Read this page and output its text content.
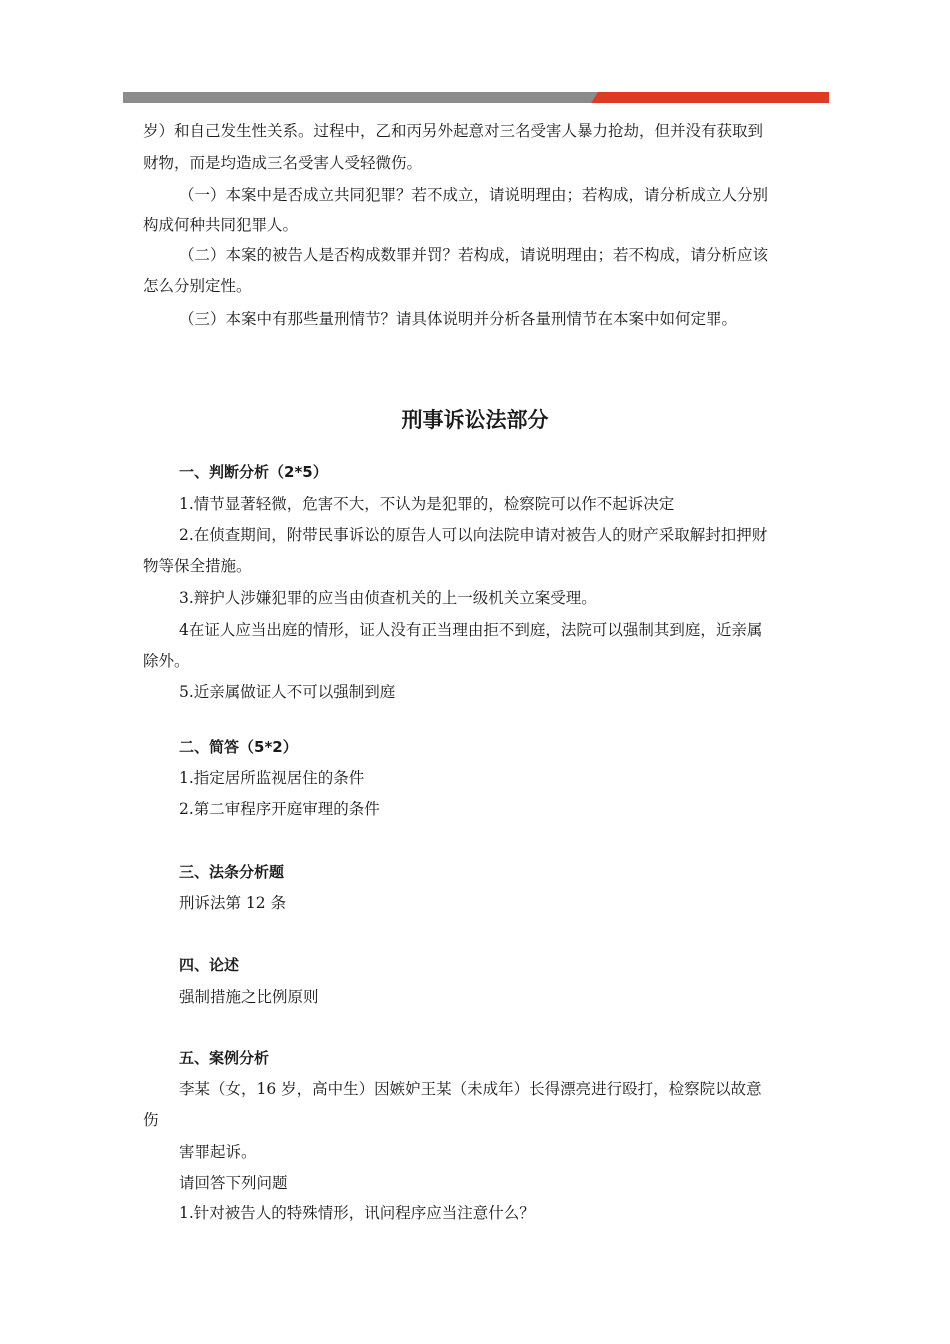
岁）和自己发生性关系。过程中，乙和丙另外起意对三名受害人暴力抢劫，但并没有获取到
财物，而是均造成三名受害人受轻微伤。
（一）本案中是否成立共同犯罪？若不成立，请说明理由；若构成，请分析成立人分别
构成何种共同犯罪人。
（二）本案的被告人是否构成数罪并罚？若构成，请说明理由；若不构成，请分析应该
怎么分别定性。
（三）本案中有那些量刑情节？请具体说明并分析各量刑情节在本案中如何定罪。
刑事诉讼法部分
一、判断分析（2*5）
1.情节显著轻微，危害不大，不认为是犯罪的，检察院可以作不起诉决定
2.在侦查期间，附带民事诉讼的原告人可以向法院申请对被告人的财产采取解封扣押财
物等保全措施。
3.辩护人涉嫌犯罪的应当由侦查机关的上一级机关立案受理。
4在证人应当出庭的情形，证人没有正当理由拒不到庭，法院可以强制其到庭，近亲属
除外。
5.近亲属做证人不可以强制到庭
二、简答（5*2）
1.指定居所监视居住的条件
2.第二审程序开庭审理的条件
三、法条分析题
刑诉法第 12 条
四、论述
强制措施之比例原则
五、案例分析
李某（女，16 岁，高中生）因嫉妒王某（未成年）长得漂亮进行殴打，检察院以故意
伤
害罪起诉。
请回答下列问题
1.针对被告人的特殊情形，讯问程序应当注意什么？
